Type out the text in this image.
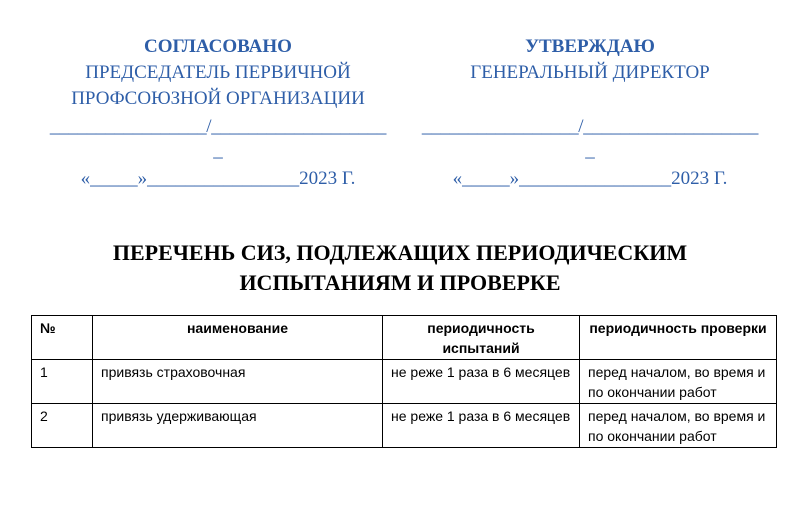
СОГЛАСОВАНО
ПРЕДСЕДАТЕЛЬ ПЕРВИЧНОЙ
ПРОФСОЮЗНОЙ ОРГАНИЗАЦИИ
_________________/___________________
_
«_____»________________2023 Г.
УТВЕРЖДАЮ
ГЕНЕРАЛЬНЫЙ ДИРЕКТОР
_________________/___________________
_
«_____»________________2023 Г.
ПЕРЕЧЕНЬ СИЗ, ПОДЛЕЖАЩИХ ПЕРИОДИЧЕСКИМ
ИСПЫТАНИЯМ И ПРОВЕРКЕ
№	наименование	периодичность испытаний	периодичность проверки
1	привязь страховочная	не реже 1 раза в 6 месяцев	перед началом, во время и по окончании работ
2	привязь удерживающая	не реже 1 раза в 6 месяцев	перед началом, во время и по окончании работ
